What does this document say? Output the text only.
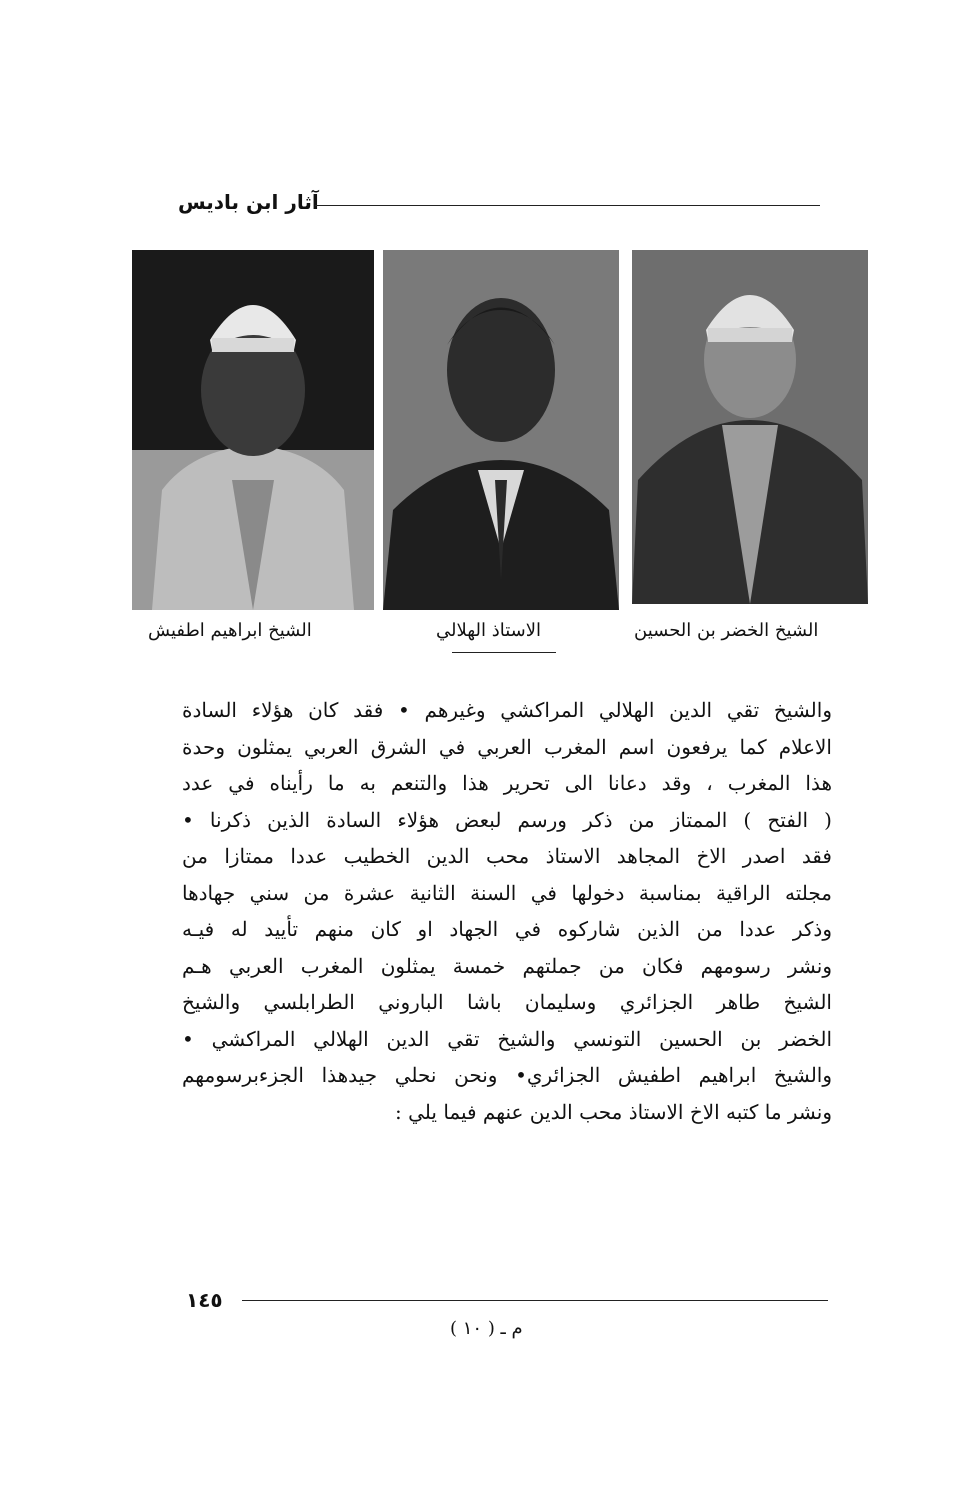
آثار ابن باديس
الشيخ ابراهيم اطفيش	الاستاذ الهلالي	الشيخ الخضر بن الحسين
والشيخ تقي الدين الهلالي المراكشي وغيرهم • فقد كان هؤلاء السادة
الاعلام كما يرفعون اسم المغرب العربي في الشرق العربي يمثلون وحدة
هذا المغرب ، وقد دعانا الى تحرير هذا والتنعم به ما رأيناه في عدد
( الفتح ) الممتاز من ذكر ورسم لبعض هؤلاء السادة الذين ذكرنا •
فقد اصدر الاخ المجاهد الاستاذ محب الدين الخطيب عددا ممتازا من
مجلته الراقية بمناسبة دخولها في السنة الثانية عشرة من سني جهادها
وذكر عددا من الذين شاركوه في الجهاد او كان منهم تأييد له فيـه
ونشر رسومهم فكان من جملتهم خمسة يمثلون المغرب العربي هـم
الشيخ طاهر الجزائري وسليمان باشا الباروني الطرابلسي والشيخ
الخضر بن الحسين التونسي والشيخ تقي الدين الهلالي المراكشي •
والشيخ ابراهيم اطفيش الجزائري• ونحن نحلي جيدهذا الجزءبرسومهم
ونشر ما كتبه الاخ الاستاذ محب الدين عنهم فيما يلي :
١٤٥
م ـ ( ١٠ )
